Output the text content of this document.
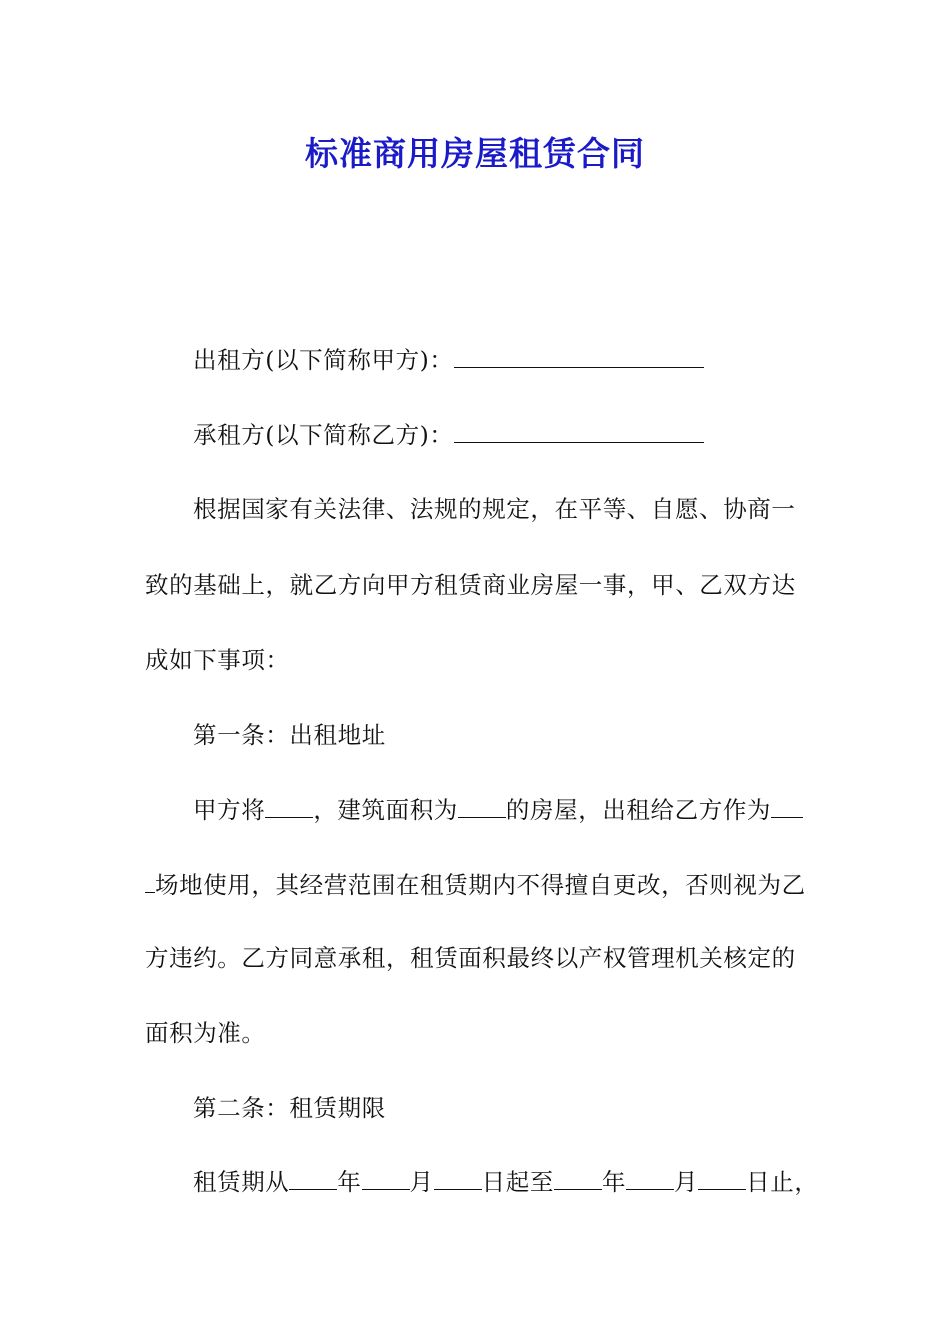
标准商用房屋租赁合同
出租方(以下简称甲方)：
承租方(以下简称乙方)：
根据国家有关法律、法规的规定，在平等、自愿、协商一
致的基础上，就乙方向甲方租赁商业房屋一事，甲、乙双方达
成如下事项：
第一条：出租地址
甲方将 ，建筑面积为 的房屋，出租给乙方作为
场地使用，其经营范围在租赁期内不得擅自更改，否则视为乙
方违约。乙方同意承租，租赁面积最终以产权管理机关核定的
面积为准。
第二条：租赁期限
租赁期从 年 月 日起至 年 月 日止，
